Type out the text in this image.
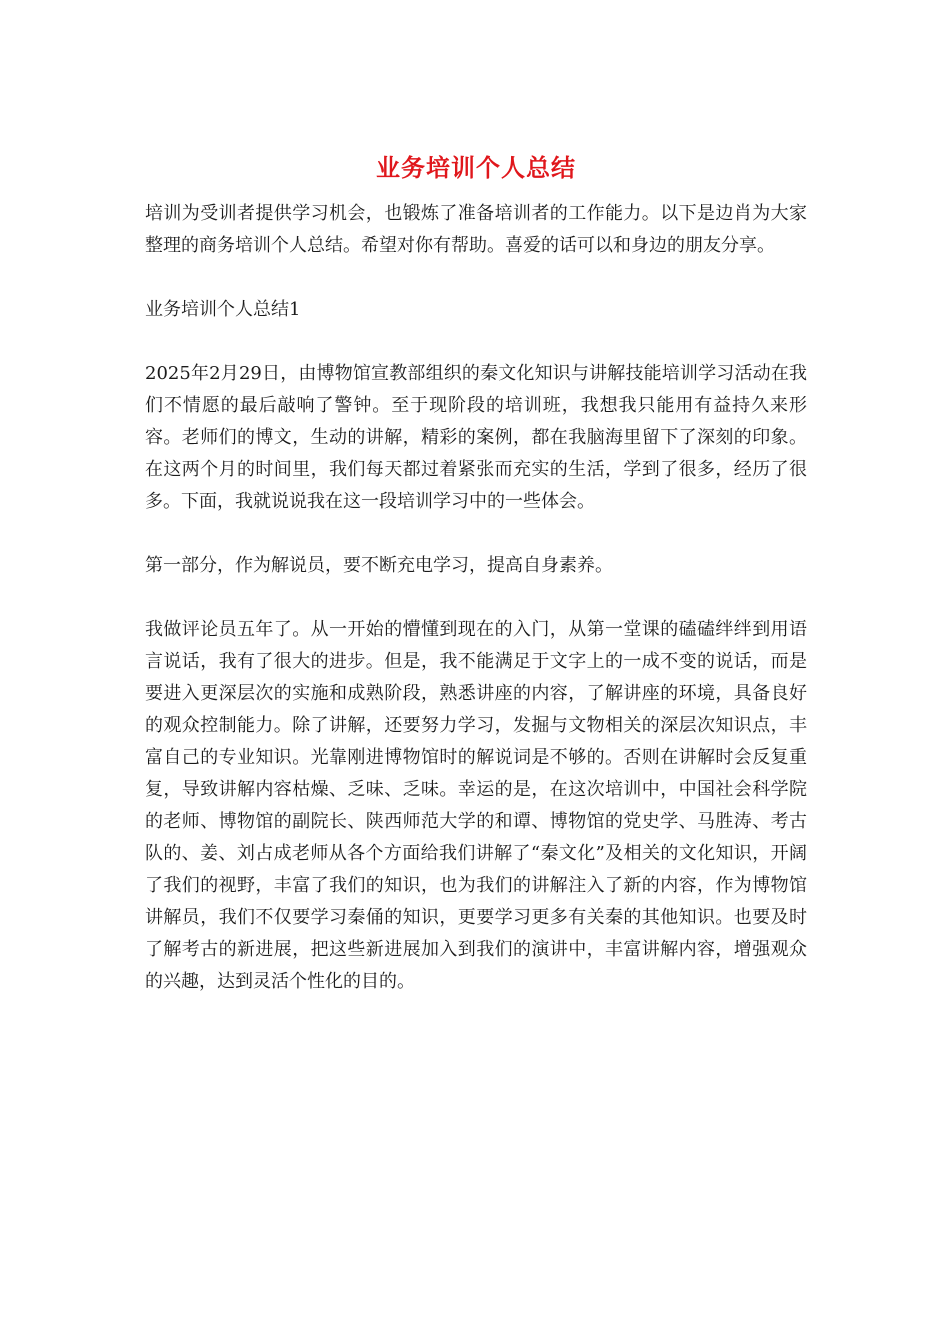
业务培训个人总结

培训为受训者提供学习机会，也锻炼了准备培训者的工作能力。以下是边肖为大家整理的商务培训个人总结。希望对你有帮助。喜爱的话可以和身边的朋友分享。

业务培训个人总结1

2025年2月29日，由博物馆宣教部组织的秦文化知识与讲解技能培训学习活动在我们不情愿的最后敲响了警钟。至于现阶段的培训班，我想我只能用有益持久来形容。老师们的博文，生动的讲解，精彩的案例，都在我脑海里留下了深刻的印象。在这两个月的时间里，我们每天都过着紧张而充实的生活，学到了很多，经历了很多。下面，我就说说我在这一段培训学习中的一些体会。

第一部分，作为解说员，要不断充电学习，提高自身素养。

我做评论员五年了。从一开始的懵懂到现在的入门，从第一堂课的磕磕绊绊到用语言说话，我有了很大的进步。但是，我不能满足于文字上的一成不变的说话，而是要进入更深层次的实施和成熟阶段，熟悉讲座的内容，了解讲座的环境，具备良好的观众控制能力。除了讲解，还要努力学习，发掘与文物相关的深层次知识点，丰富自己的专业知识。光靠刚进博物馆时的解说词是不够的。否则在讲解时会反复重复，导致讲解内容枯燥、乏味、乏味。幸运的是，在这次培训中，中国社会科学院的老师、博物馆的副院长、陕西师范大学的和谭、博物馆的党史学、马胜涛、考古队的、姜、刘占成老师从各个方面给我们讲解了“秦文化”及相关的文化知识，开阔了我们的视野，丰富了我们的知识，也为我们的讲解注入了新的内容，作为博物馆讲解员，我们不仅要学习秦俑的知识，更要学习更多有关秦的其他知识。也要及时了解考古的新进展，把这些新进展加入到我们的演讲中，丰富讲解内容，增强观众的兴趣，达到灵活个性化的目的。
